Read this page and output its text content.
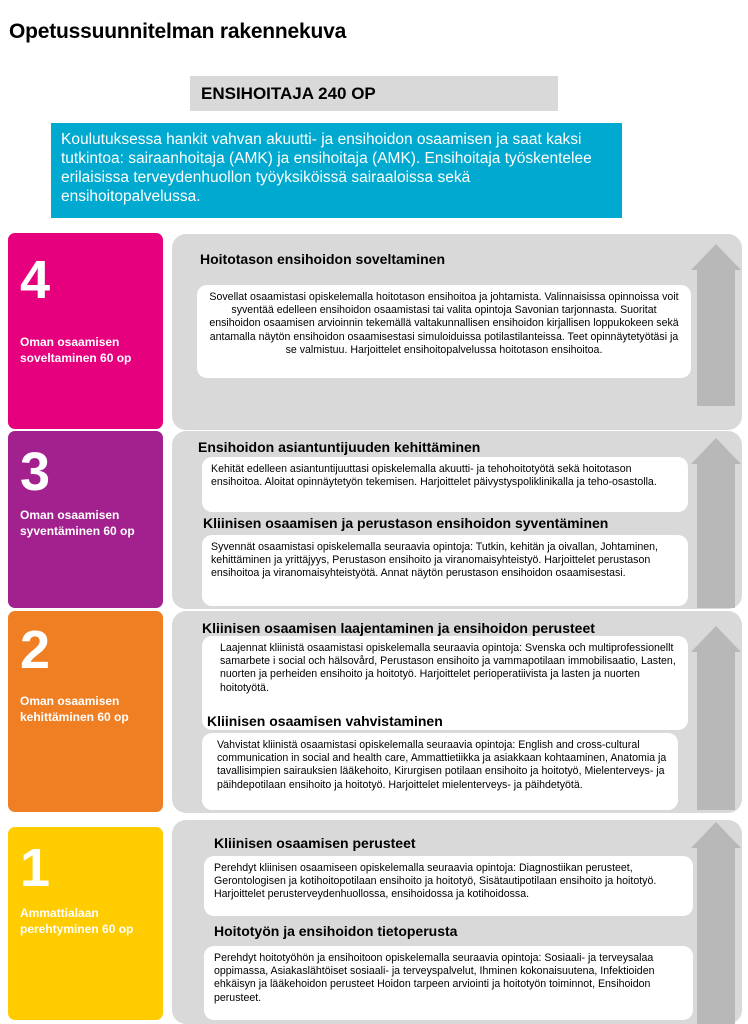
Opetussuunnitelman rakennekuva
ENSIHOITAJA 240 OP
Koulutuksessa hankit vahvan akuutti- ja ensihoidon osaamisen ja saat kaksi tutkintoa: sairaanhoitaja (AMK) ja ensihoitaja (AMK). Ensihoitaja työskentelee erilaisissa terveydenhuollon työyksiköissä sairaaloissa sekä ensihoitopalvelussa.
4
Oman osaamisen soveltaminen 60 op
Hoitotason ensihoidon soveltaminen
Sovellat osaamistasi opiskelemalla hoitotason ensihoitoa ja johtamista. Valinnaisissa opinnoissa voit syventää edelleen ensihoidon osaamistasi tai valita opintoja Savonian tarjonnasta. Suoritat ensihoidon osaamisen arvioinnin tekemällä valtakunnallisen ensihoidon kirjallisen loppukokeen sekä antamalla näytön ensihoidon osaamisestasi simuloiduissa potilastilanteissa. Teet opinnäytetyötäsi ja se valmistuu. Harjoittelet ensihoitopalvelussa hoitotason ensihoitoa.
3
Oman osaamisen syventäminen 60 op
Ensihoidon asiantuntijuuden kehittäminen
Kehität edelleen asiantuntijuuttasi opiskelemalla akuutti- ja tehohoitotyötä sekä hoitotason ensihoitoa. Aloitat opinnäytetyön tekemisen. Harjoittelet päivystyspoliklinikalla ja teho-osastolla.
Kliinisen osaamisen ja perustason ensihoidon syventäminen
Syvennät osaamistasi opiskelemalla seuraavia opintoja: Tutkin, kehitän ja oivallan, Johtaminen, kehittäminen ja yrittäjyys, Perustason ensihoito ja viranomaisyhteistyö. Harjoittelet perustason ensihoitoa ja viranomaisyhteistyötä. Annat näytön perustason ensihoidon osaamisestasi.
2
Oman osaamisen kehittäminen 60 op
Kliinisen osaamisen laajentaminen ja ensihoidon perusteet
Laajennat kliinistä osaamistasi opiskelemalla seuraavia opintoja: Svenska och multiprofessionellt samarbete i social och hälsovård, Perustason ensihoito ja vammapotilaan immobilisaatio, Lasten, nuorten ja perheiden ensihoito ja hoitotyö. Harjoittelet perioperatiivista ja lasten ja nuorten hoitotyötä.
Kliinisen osaamisen vahvistaminen
Vahvistat kliinistä osaamistasi opiskelemalla seuraavia opintoja: English and cross-cultural communication in social and health care, Ammattietiikka ja asiakkaan kohtaaminen, Anatomia ja tavallisimpien sairauksien lääkehoito, Kirurgisen potilaan ensihoito ja hoitotyö, Mielenterveys- ja päihdepotilaan ensihoito ja hoitotyö. Harjoittelet mielenterveys- ja päihdetyötä.
1
Ammattialaan perehtyminen 60 op
Kliinisen osaamisen perusteet
Perehdyt kliinisen osaamiseen opiskelemalla seuraavia opintoja: Diagnostiikan perusteet, Gerontologisen ja kotihoitopotilaan ensihoito ja hoitotyö, Sisätautipotilaan ensihoito ja hoitotyö. Harjoittelet perusterveydenhuollossa, ensihoidossa ja kotihoidossa.
Hoitotyön ja ensihoidon tietoperusta
Perehdyt hoitotyöhön ja ensihoitoon opiskelemalla seuraavia opintoja: Sosiaali- ja terveysalaa oppimassa, Asiakaslähtöiset sosiaali- ja terveyspalvelut, Ihminen kokonaisuutena, Infektioiden ehkäisyn ja lääkehoidon perusteet Hoidon tarpeen arviointi ja hoitotyön toiminnot, Ensihoidon perusteet.
